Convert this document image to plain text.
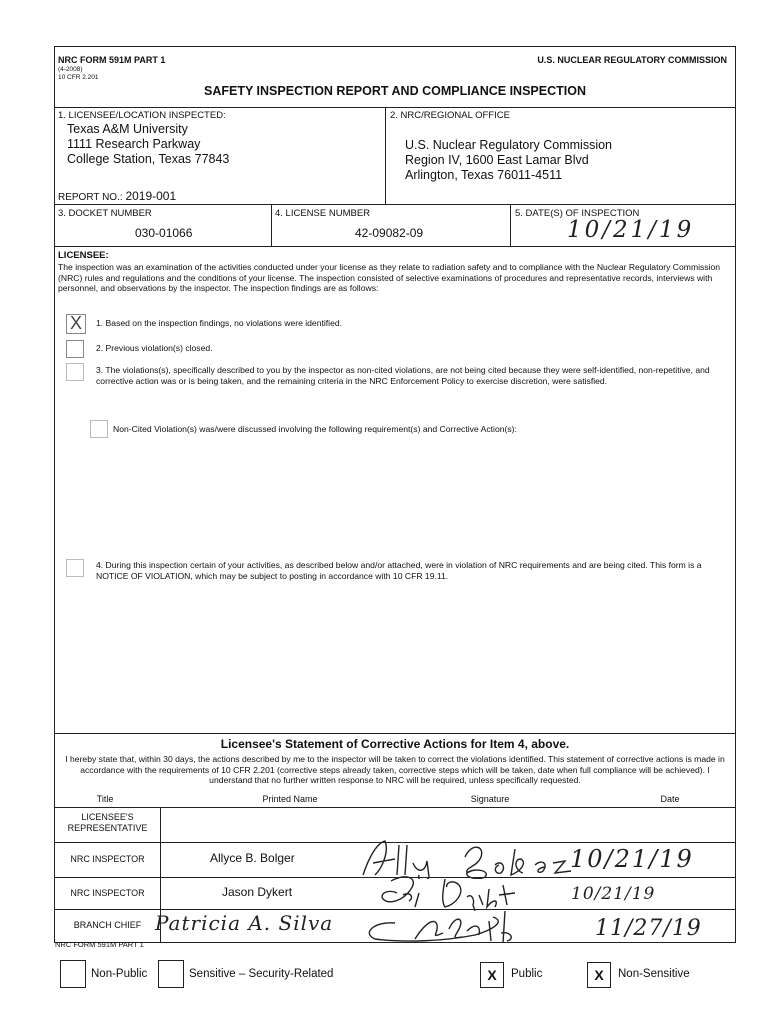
NRC FORM 591M PART 1
(4-2008)
10 CFR 2.201
U.S. NUCLEAR REGULATORY COMMISSION
SAFETY INSPECTION REPORT AND COMPLIANCE INSPECTION
1. LICENSEE/LOCATION INSPECTED:
Texas A&M University
1111 Research Parkway
College Station, Texas 77843
REPORT NO.: 2019-001
2. NRC/REGIONAL OFFICE
U.S. Nuclear Regulatory Commission
Region IV, 1600 East Lamar Blvd
Arlington, Texas 76011-4511
3. DOCKET NUMBER
030-01066
4. LICENSE NUMBER
42-09082-09
5. DATE(S) OF INSPECTION
10/21/19
LICENSEE:
The inspection was an examination of the activities conducted under your license as they relate to radiation safety and to compliance with the Nuclear Regulatory Commission (NRC) rules and regulations and the conditions of your license. The inspection consisted of selective examinations of procedures and representative records, interviews with personnel, and observations by the inspector. The inspection findings are as follows:
X	1. Based on the inspection findings, no violations were identified.
2. Previous violation(s) closed.
3. The violations(s), specifically described to you by the inspector as non-cited violations, are not being cited because they were self-identified, non-repetitive, and corrective action was or is being taken, and the remaining criteria in the NRC Enforcement Policy to exercise discretion, were satisfied.
Non-Cited Violation(s) was/were discussed involving the following requirement(s) and Corrective Action(s):
4. During this inspection certain of your activities, as described below and/or attached, were in violation of NRC requirements and are being cited. This form is a NOTICE OF VIOLATION, which may be subject to posting in accordance with 10 CFR 19.11.
Licensee's Statement of Corrective Actions for Item 4, above.
I hereby state that, within 30 days, the actions described by me to the inspector will be taken to correct the violations identified. This statement of corrective actions is made in accordance with the requirements of 10 CFR 2.201 (corrective steps already taken, corrective steps which will be taken, date when full compliance will be achieved). I understand that no further written response to NRC will be required, unless specifically requested.
Title	Printed Name	Signature	Date
LICENSEE'S REPRESENTATIVE
NRC INSPECTOR	Allyce B. Bolger	10/21/19
NRC INSPECTOR	Jason Dykert	10/21/19
BRANCH CHIEF Patricia A. Silva	11/27/19
NRC FORM 591M PART 1
Non-Public	Sensitive – Security-Related	X	Public	X	Non-Sensitive
